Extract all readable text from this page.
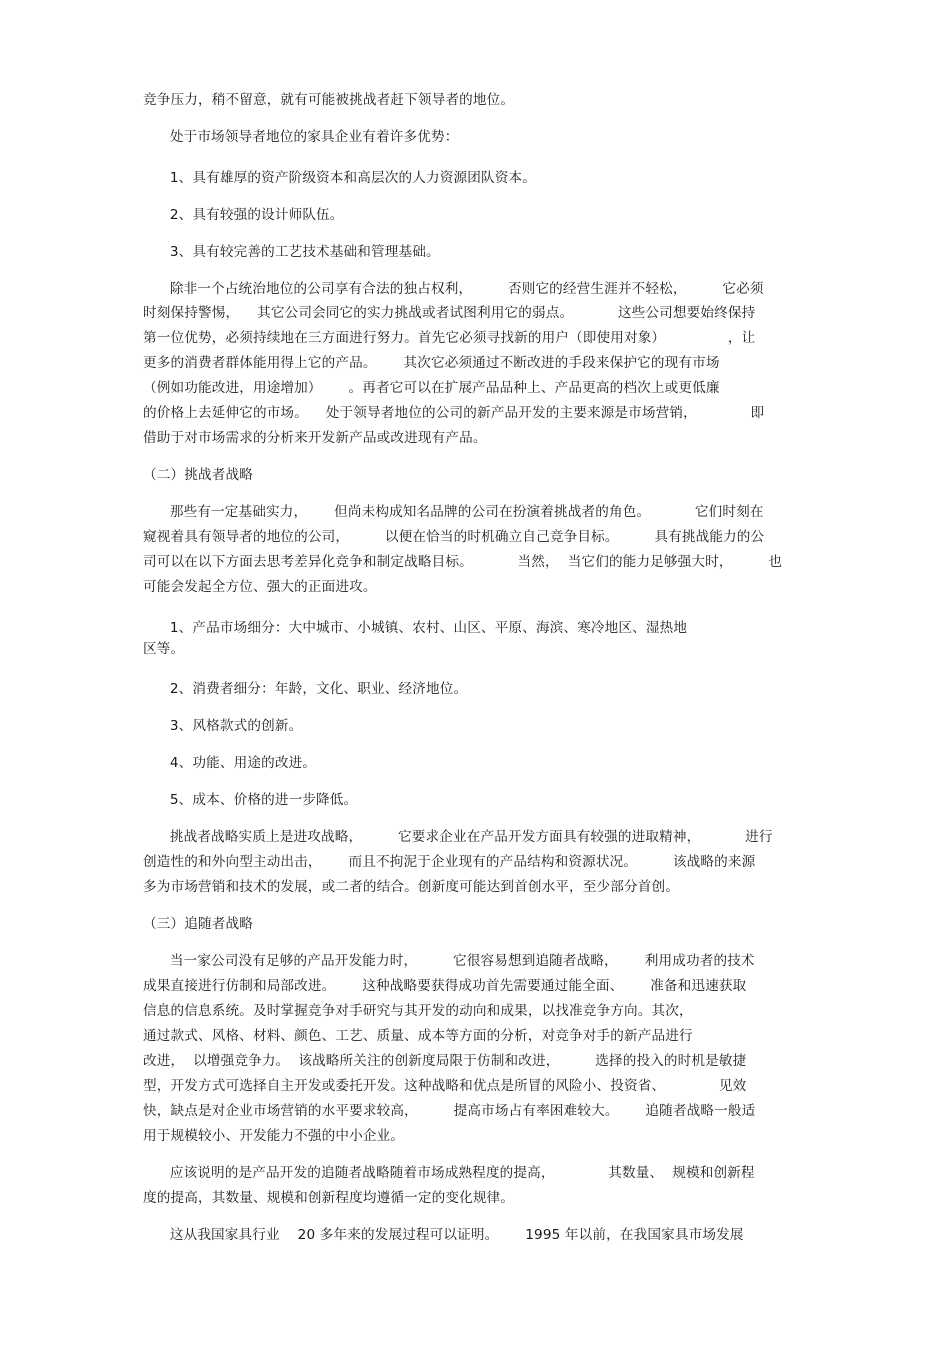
竞争压力，稍不留意，就有可能被挑战者赶下领导者的地位。
处于市场领导者地位的家具企业有着许多优势：
1、具有雄厚的资产阶级资本和高层次的人力资源团队资本。
2、具有较强的设计师队伍。
3、具有较完善的工艺技术基础和管理基础。
除非一个占统治地位的公司享有合法的独占权利，        否则它的经营生涯并不轻松，        它必须
时刻保持警惕，    其它公司会同它的实力挑战或者试图利用它的弱点。          这些公司想要始终保持
第一位优势，必须持续地在三方面进行努力。首先它必须寻找新的用户（即使用对象）              ，让
更多的消费者群体能用得上它的产品。      其次它必须通过不断改进的手段来保护它的现有市场
（例如功能改进，用途增加）      。再者它可以在扩展产品品种上、产品更高的档次上或更低廉
的价格上去延伸它的市场。    处于领导者地位的公司的新产品开发的主要来源是市场营销，            即
借助于对市场需求的分析来开发新产品或改进现有产品。
（二）挑战者战略
那些有一定基础实力，      但尚未构成知名品牌的公司在扮演着挑战者的角色。          它们时刻在
窥视着具有领导者的地位的公司，        以便在恰当的时机确立自己竞争目标。        具有挑战能力的公
司可以在以下方面去思考差异化竞争和制定战略目标。          当然，  当它们的能力足够强大时，        也
可能会发起全方位、强大的正面进攻。
1、产品市场细分：大中城市、小城镇、农村、山区、平原、海滨、寒冷地区、湿热地
区等。
2、消费者细分：年龄，文化、职业、经济地位。
3、风格款式的创新。
4、功能、用途的改进。
5、成本、价格的进一步降低。
挑战者战略实质上是进攻战略，        它要求企业在产品开发方面具有较强的进取精神，          进行
创造性的和外向型主动出击，      而且不拘泥于企业现有的产品结构和资源状况。        该战略的来源
多为市场营销和技术的发展，或二者的结合。创新度可能达到首创水平，至少部分首创。
（三）追随者战略
当一家公司没有足够的产品开发能力时，        它很容易想到追随者战略，      利用成功者的技术
成果直接进行仿制和局部改进。      这种战略要获得成功首先需要通过能全面、      准备和迅速获取
信息的信息系统。及时掌握竞争对手研究与其开发的动向和成果，以找准竞争方向。其次，
通过款式、风格、材料、颜色、工艺、质量、成本等方面的分析，对竞争对手的新产品进行
改进，  以增强竞争力。  该战略所关注的创新度局限于仿制和改进，        选择的投入的时机是敏捷
型，开发方式可选择自主开发或委托开发。这种战略和优点是所冒的风险小、投资省、            见效
快，缺点是对企业市场营销的水平要求较高，        提高市场占有率困难较大。      追随者战略一般适
用于规模较小、开发能力不强的中小企业。
应该说明的是产品开发的追随者战略随着市场成熟程度的提高，            其数量、  规模和创新程
度的提高，其数量、规模和创新程度均遵循一定的变化规律。
这从我国家具行业    20 多年来的发展过程可以证明。      1995 年以前，在我国家具市场发展
